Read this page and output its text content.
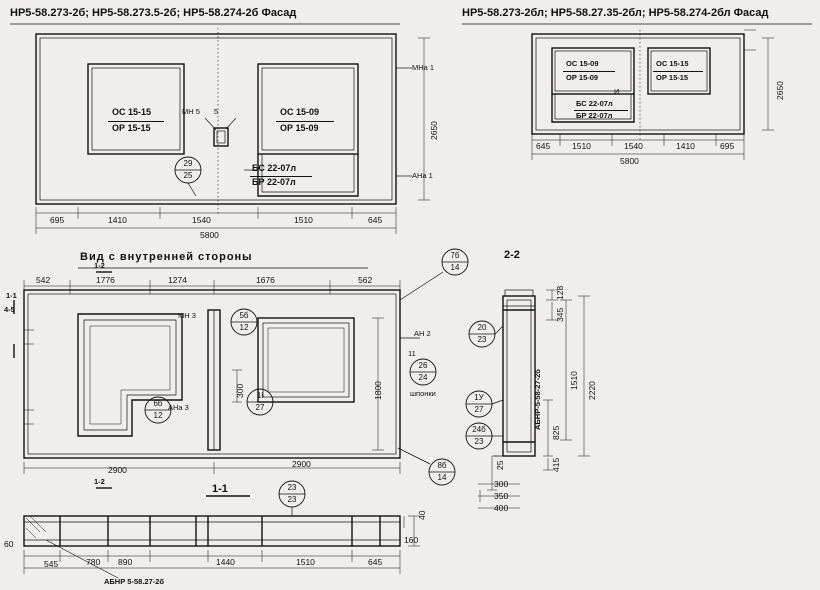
НР5-58.273-2б; НР5-58.273.5-2б; НР5-58.274-2б Фасад
ОС 15-15
ОР 15-15
ОС 15-09
ОР 15-09
БС 22-07л
БР 22-07л
МН 5 5
МНа 1
АНа 1
29
25
695	1410	1540	1510	645
5800
2650
НР5-58.273-2бл; НР5-58.27.35-2бл; НР5-58.274-2бл Фасад
ОС 15-09
ОР 15-09
ОС 15-15
ОР 15-15
БС 22-07л
БР 22-07л
И
645	1510	1540	1410	695
5800
2650
Вид с внутренней стороны
542	1776	1274	1676	562
2900
2900
1800
300
1-2
1-1
4-5
1-2
1-1
МН 3
АНа 3
АН 2
шпонки
11
7б
14
5б
12
6б
12
1i
27
8б
14
26
24
2-2
20
23
1У
27
24б
23
АБНР-5-58-27-2б
128
345
1510
2220
825
415
25
300
350
400
23
23
545	780 890	1440	1510	645
160
60
40
АБНР 5-58.27-2б
